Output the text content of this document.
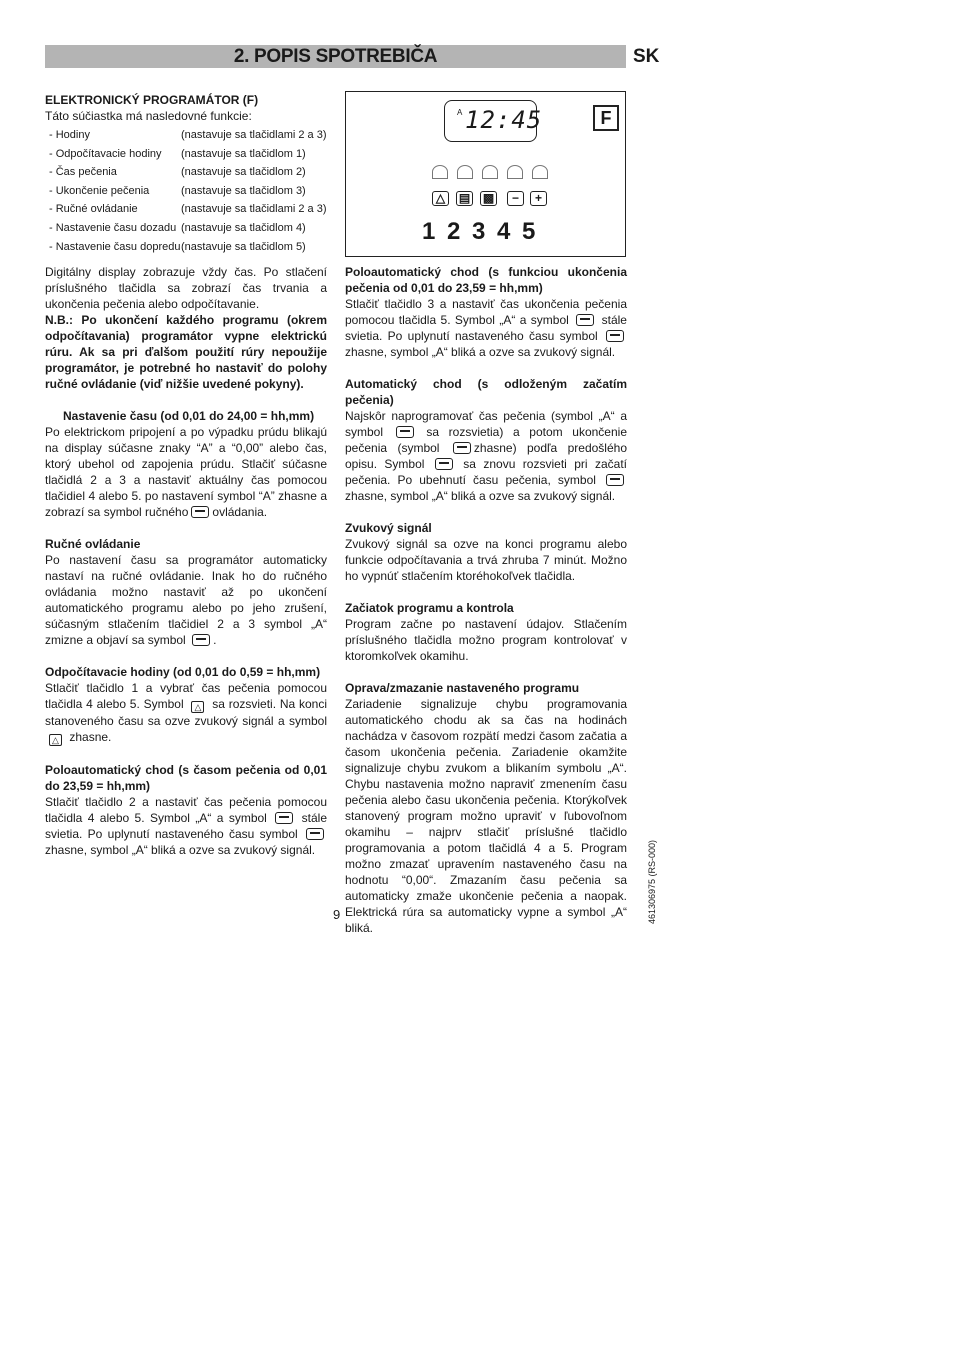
2. POPIS SPOTREBIČA	SK

ELEKTRONICKÝ PROGRAMÁTOR (F)

Táto súčiastka má nasledovné funkcie:

- Hodiny	(nastavuje sa tlačidlami 2 a 3)
- Odpočítavacie hodiny	(nastavuje sa tlačidlom 1)
- Čas pečenia	(nastavuje sa tlačidlom 2)
- Ukončenie pečenia	(nastavuje sa tlačidlom 3)
- Ručné ovládanie	(nastavuje sa tlačidlami 2 a 3)
- Nastavenie času dozadu (nastavuje sa tlačidlom 4)
- Nastavenie času dopredu (nastavuje sa tlačidlom 5)

Digitálny display zobrazuje vždy čas. Po stlačení príslušného tlačidla sa zobrazí čas trvania a ukončenia pečenia alebo odpočítavanie.

N.B.: Po ukončení každého programu (okrem odpočítavania) programátor vypne elektrickú rúru. Ak sa pri ďalšom použití rúry nepoužije programátor, je potrebné ho nastaviť do polohy ručné ovládanie (viď nižšie uvedené pokyny).

Nastavenie času (od 0,01 do 24,00 = hh,mm)

Po elektrickom pripojení a po výpadku prúdu blikajú na display súčasne znaky “A” a “0,00” alebo čas, ktorý ubehol od zapojenia prúdu. Stlačiť súčasne tlačidlá 2 a 3 a nastaviť aktuálny čas pomocou tlačidiel 4 alebo 5. po nastavení symbol “A” zhasne a zobrazí sa symbol ručného ovládania.

Ručné ovládanie

Po nastavení času sa programátor automaticky nastaví na ručné ovládanie. Inak ho do ručného ovládania možno nastaviť až po ukončení automatického programu alebo po jeho zrušení, súčasným stlačením tlačidiel 2 a 3 symbol „A“ zmizne a objaví sa symbol .

Odpočítavacie hodiny (od 0,01 do 0,59 = hh,mm)

Stlačiť tlačidlo 1 a vybrať čas pečenia pomocou tlačidla 4 alebo 5. Symbol △ sa rozsvieti. Na konci stanoveného času sa ozve zvukový signál a symbol △ zhasne.

Poloautomatický chod (s časom pečenia od 0,01 do 23,59 = hh,mm)

Stlačiť tlačidlo 2 a nastaviť čas pečenia pomocou tlačidla 4 alebo 5. Symbol „A“ a symbol	stále svietia. Po uplynutí nastaveného času symbol  zhasne, symbol „A“ bliká a ozve sa zvukový signál.

A 12:45	F
△	▤ ▩	−	+
1 2 3 4 5

Poloautomatický chod (s funkciou ukončenia pečenia od 0,01 do 23,59 = hh,mm)

Stlačiť tlačidlo 3 a nastaviť čas ukončenia pečenia pomocou tlačidla 5. Symbol „A“ a symbol	stále svietia. Po uplynutí nastaveného času symbol  zhasne, symbol „A“ bliká a ozve sa zvukový signál.

Automatický chod (s odloženým začatím pečenia)

Najskôr naprogramovať čas pečenia (symbol „A“ a symbol	sa rozsvietia) a potom ukončenie pečenia (symbol	zhasne) podľa predošlého opisu. Symbol	sa znovu rozsvieti pri začatí pečenia. Po ubehnutí času pečenia, symbol  zhasne, symbol „A“ bliká a ozve sa zvukový signál.

Zvukový signál

Zvukový signál sa ozve na konci programu alebo funkcie odpočítavania a trvá zhruba 7 minút. Možno ho vypnúť stlačením ktoréhokoľvek tlačidla.

Začiatok programu a kontrola

Program začne po nastavení údajov. Stlačením príslušného tlačidla možno program kontrolovať v ktoromkoľvek okamihu.

Oprava/zmazanie nastaveného programu

Zariadenie signalizuje chybu programovania automatického chodu ak sa čas na hodinách nachádza v časovom rozpätí medzi časom začatia a časom ukončenia pečenia. Zariadenie okamžite signalizuje chybu zvukom a blikaním symbolu „A“. Chybu nastavenia možno napraviť zmenením času pečenia alebo času ukončenia pečenia. Ktorýkoľvek stanovený program možno upraviť v ľubovoľnom okamihu – najprv stlačiť príslušné tlačidlo programovania a potom tlačidlá 4 a 5. Program možno zmazať upravením nastaveného času na hodnotu “0,00“. Zmazaním času pečenia sa automaticky zmaže ukončenie pečenia a naopak. Elektrická rúra sa automaticky vypne a symbol „A“ bliká.

9	461306975 (RS-000)
